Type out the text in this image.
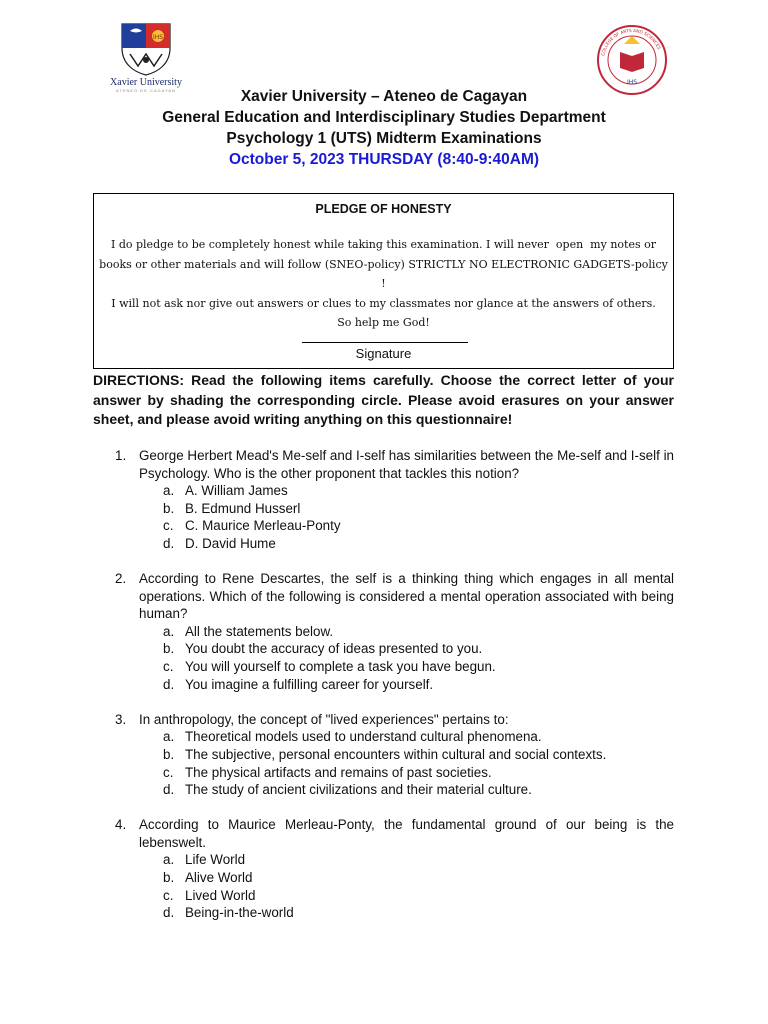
IHS
Xavier University
ATENEO DE CAGAYAN
IHS
COLLEGE OF ARTS AND SCIENCES
Xavier University – Ateneo de Cagayan
General Education and Interdisciplinary Studies Department
Psychology 1 (UTS) Midterm Examinations
October 5, 2023 THURSDAY (8:40-9:40AM)
PLEDGE OF HONESTY
I do pledge to be completely honest while taking this examination. I will never  open  my notes or
books or other materials and will follow (SNEO-policy) STRICTLY NO ELECTRONIC GADGETS-policy !
I will not ask nor give out answers or clues to my classmates nor glance at the answers of others.
So help me God!
Signature
DIRECTIONS: Read the following items carefully. Choose the correct letter of your answer by shading the corresponding circle. Please avoid erasures on your answer sheet, and please avoid writing anything on this questionnaire!
1. George Herbert Mead's Me-self and I-self has similarities between the Me-self and I-self in Psychology. Who is the other proponent that tackles this notion?
a. A. William James
b. B. Edmund Husserl
c. C. Maurice Merleau-Ponty
d. D. David Hume
2. According to Rene Descartes, the self is a thinking thing which engages in all mental operations. Which of the following is considered a mental operation associated with being human?
a. All the statements below.
b. You doubt the accuracy of ideas presented to you.
c. You will yourself to complete a task you have begun.
d. You imagine a fulfilling career for yourself.
3. In anthropology, the concept of "lived experiences" pertains to:
a. Theoretical models used to understand cultural phenomena.
b. The subjective, personal encounters within cultural and social contexts.
c. The physical artifacts and remains of past societies.
d. The study of ancient civilizations and their material culture.
4. According to Maurice Merleau-Ponty, the fundamental ground of our being is the lebenswelt.
a. Life World
b. Alive World
c. Lived World
d. Being-in-the-world
